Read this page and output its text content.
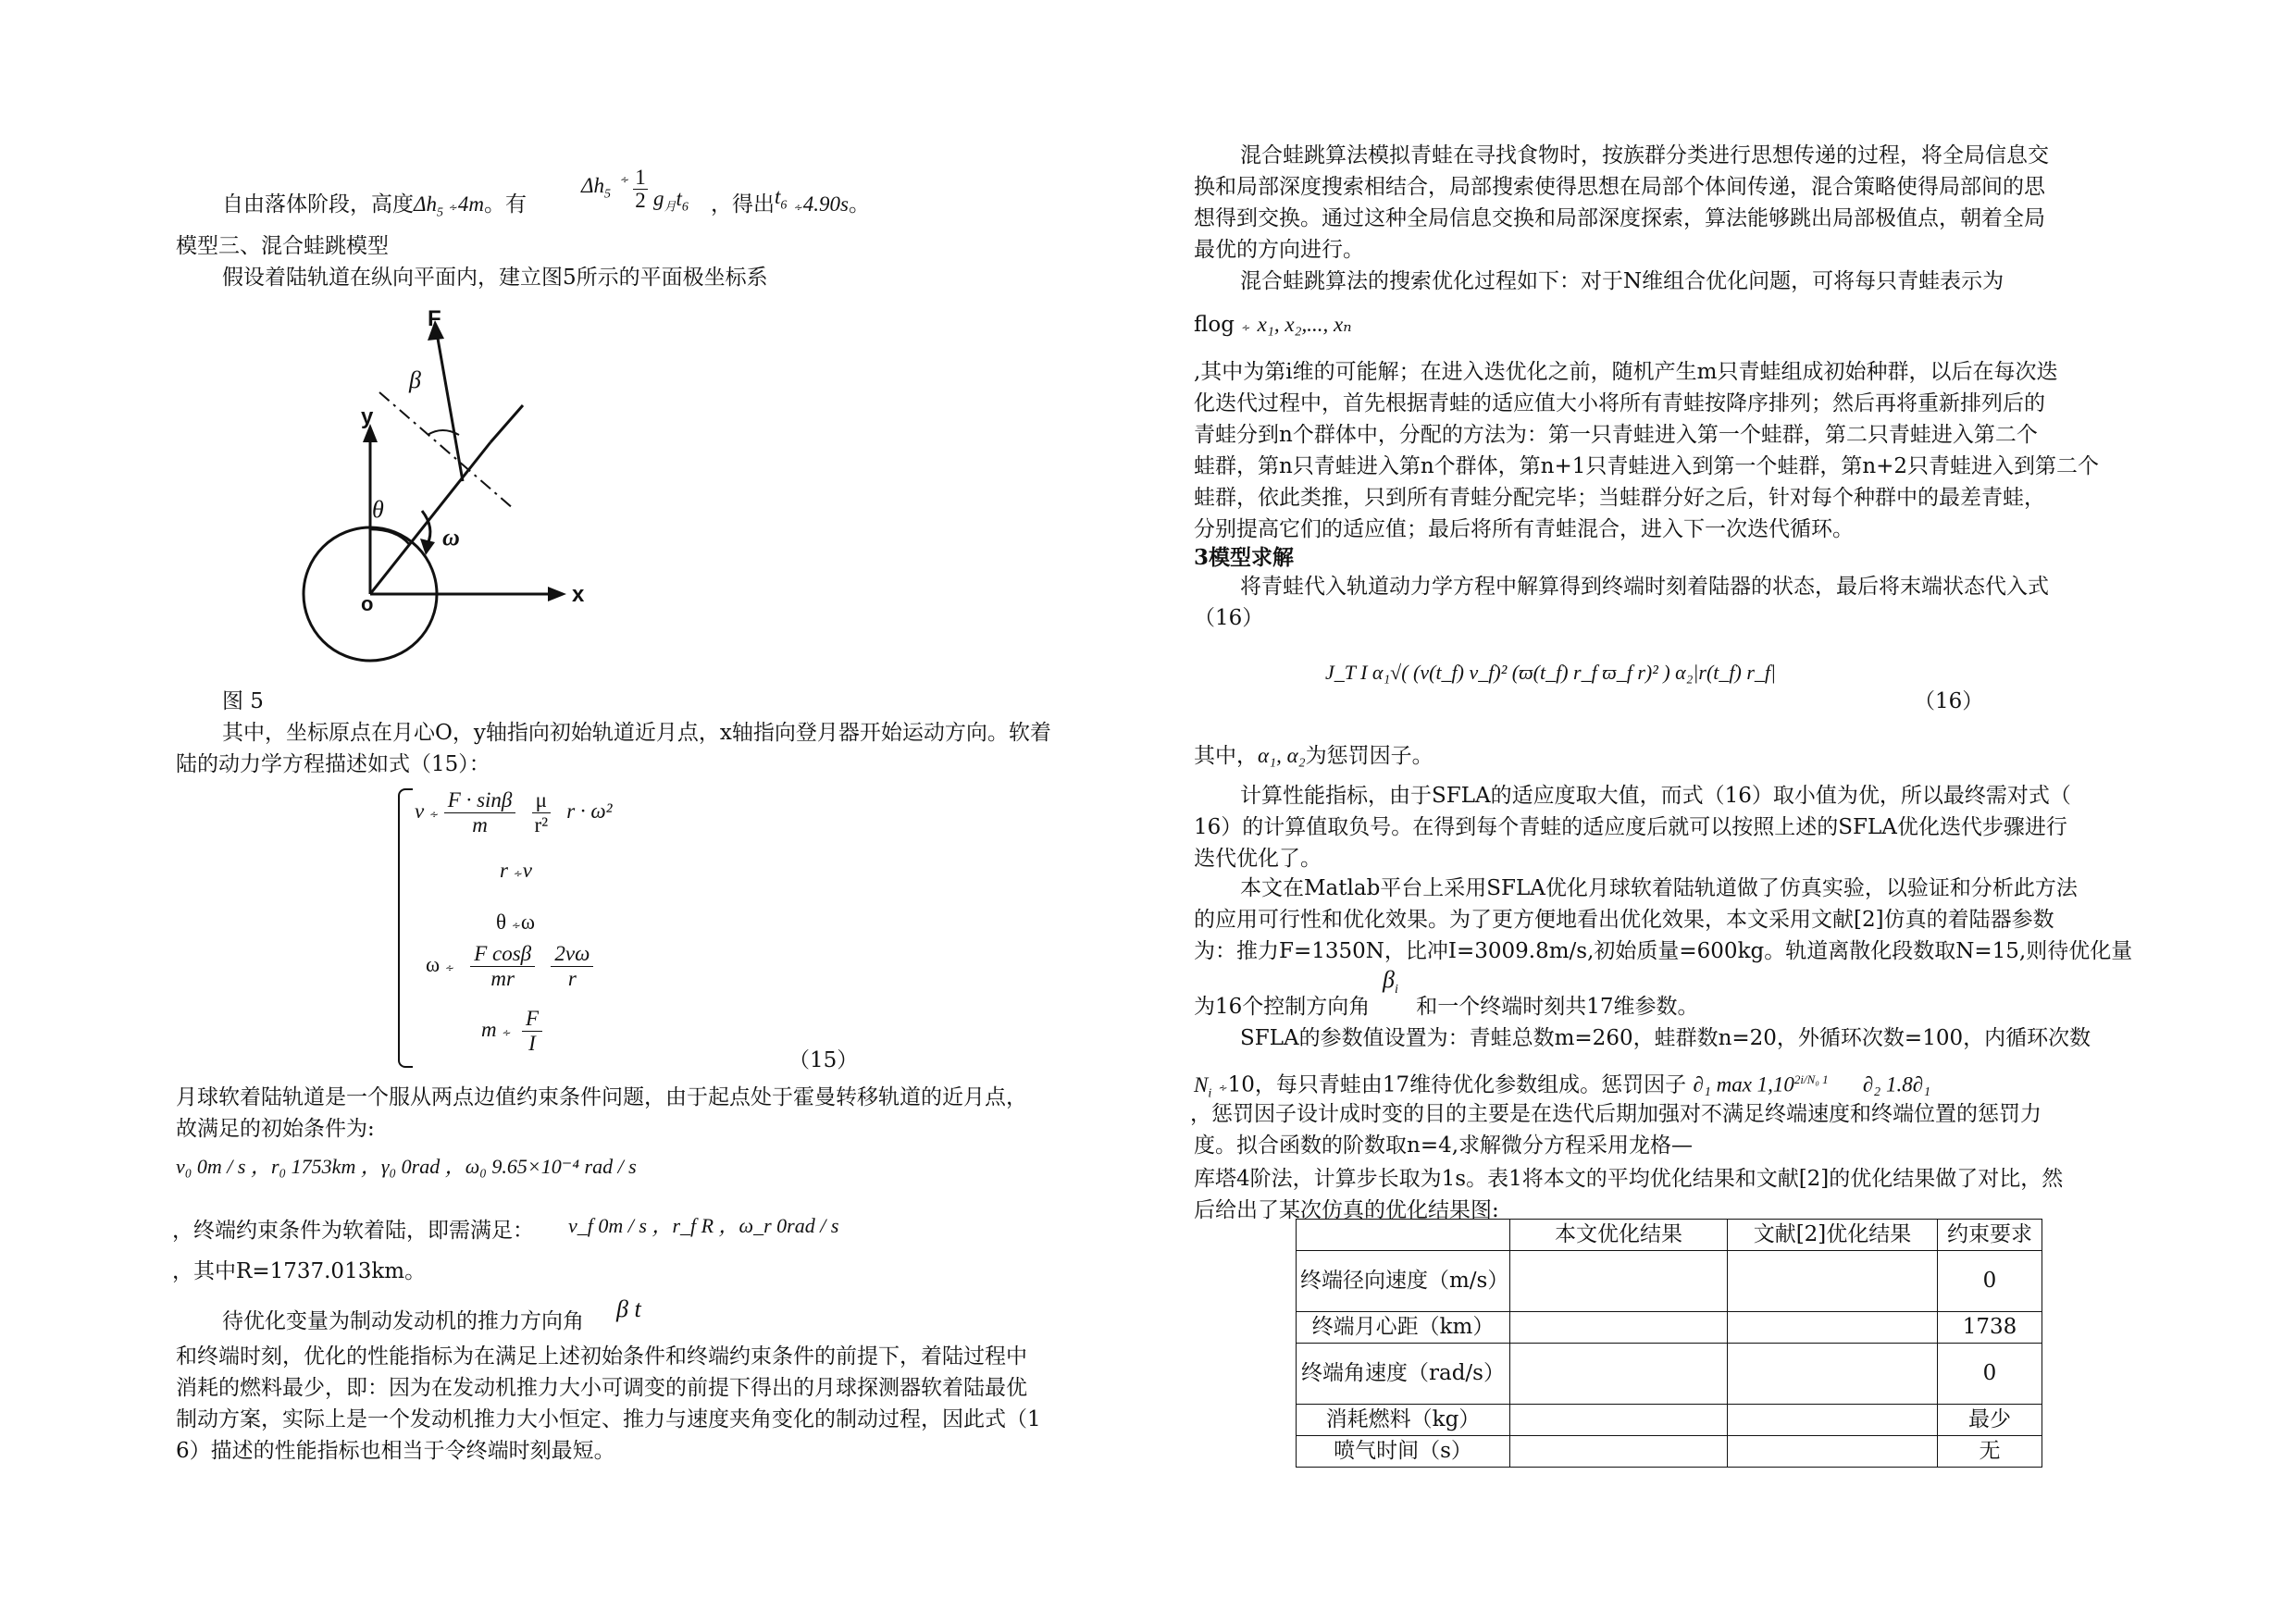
自由落体阶段，高度$\Delta h_5$ ∻4m。有
$\Delta h_5$
∻ 1
2 $g_月t_6$ ，得出$t_6$ ∻4.90s。
模型三、混合蛙跳模型
假设着陆轨道在纵向平面内，建立图5所示的平面极坐标系
F
β
y
θ
ω
o	x
图 5
其中，坐标原点在月心O，y轴指向初始轨道近月点，x轴指向登月器开始运动方向。软着
陆的动力学方程描述如式（15）：
v ∻ $\frac{F \cdot \sin\beta}{m}$
$\frac{\mu}{\text{r²}}$ r · ω²
r ∻v
θ ∻ω
ω ∻ $\frac{\text{F cosβ}}{mr}$
$\frac{2v\omega}{r}$
m ∻ $\frac{F}{I}$
（15）
月球软着陆轨道是一个服从两点边值约束条件问题，由于起点处于霍曼转移轨道的近月点，
故满足的初始条件为:
v₀ 0m / s ，r₀ 1753km ，γ₀ 0rad ，ω₀ 9.65×10⁻⁴ rad / s
，终端约束条件为软着陆，即需满足： v_f 0m / s ，r_f R ，ω_r 0rad / s
，其中R=1737.013km。
待优化变量为制动发动机的推力方向角 β t
和终端时刻，优化的性能指标为在满足上述初始条件和终端约束条件的前提下，着陆过程中
消耗的燃料最少，即：因为在发动机推力大小可调变的前提下得出的月球探测器软着陆最优
制动方案，实际上是一个发动机推力大小恒定、推力与速度夹角变化的制动过程，因此式（1
6）描述的性能指标也相当于令终端时刻最短。
混合蛙跳算法模拟青蛙在寻找食物时，按族群分类进行思想传递的过程，将全局信息交
换和局部深度搜索相结合，局部搜索使得思想在局部个体间传递，混合策略使得局部间的思
想得到交换。通过这种全局信息交换和局部深度探索，算法能够跳出局部极值点，朝着全局
最优的方向进行。
混合蛙跳算法的搜索优化过程如下：对于N维组合优化问题，可将每只青蛙表示为
flog ∻ x₁, x₂,..., xₙ
,其中为第i维的可能解；在进入迭优化之前，随机产生m只青蛙组成初始种群，以后在每次迭
化迭代过程中，首先根据青蛙的适应值大小将所有青蛙按降序排列；然后再将重新排列后的
青蛙分到n个群体中，分配的方法为：第一只青蛙进入第一个蛙群，第二只青蛙进入第二个
蛙群，第n只青蛙进入第n个群体，第n+1只青蛙进入到第一个蛙群，第n+2只青蛙进入到第二个
蛙群，依此类推，只到所有青蛙分配完毕；当蛙群分好之后，针对每个种群中的最差青蛙，
分别提高它们的适应值；最后将所有青蛙混合，进入下一次迭代循环。
3模型求解
将青蛙代入轨道动力学方程中解算得到终端时刻着陆器的状态，最后将末端状态代入式
（16）
J_T I α₁√( (v(t_f) v_f)² (ϖ(t_f) r_f ϖ_f r)² ) α₂|r(t_f) r_f|
（16）
其中，α₁, α₂为惩罚因子。
计算性能指标，由于SFLA的适应度取大值，而式（16）取小值为优，所以最终需对式（
16）的计算值取负号。在得到每个青蛙的适应度后就可以按照上述的SFLA优化迭代步骤进行
迭代优化了。
本文在Matlab平台上采用SFLA优化月球软着陆轨道做了仿真实验，以验证和分析此方法
的应用可行性和优化效果。为了更方便地看出优化效果，本文采用文献[2]仿真的着陆器参数
为：推力F=1350N，比冲I=3009.8m/s,初始质量=600kg。轨道离散化段数取N=15,则待优化量
$\beta_i$
为16个控制方向角 和一个终端时刻共17维参数。
SFLA的参数值设置为：青蛙总数m=260，蛙群数n=20，外循环次数=100，内循环次数
$N_i$ ∻10，每只青蛙由17维待优化参数组成。惩罚因子 ∂₁ $\max 1,10^{2i/N_0 1}$ ∂₂ 1.8∂₁
，惩罚因子设计成时变的目的主要是在迭代后期加强对不满足终端速度和终端位置的惩罚力
度。拟合函数的阶数取n=4,求解微分方程采用龙格—
库塔4阶法，计算步长取为1s。表1将本文的平均优化结果和文献[2]的优化结果做了对比，然
后给出了某次仿真的优化结果图:
	本文优化结果	文献[2]优化结果	约束要求
终端径向速度（m/s）			0
终端月心距（km）			1738
终端角速度（rad/s）			0
消耗燃料（kg）			最少
喷气时间（s）			无
